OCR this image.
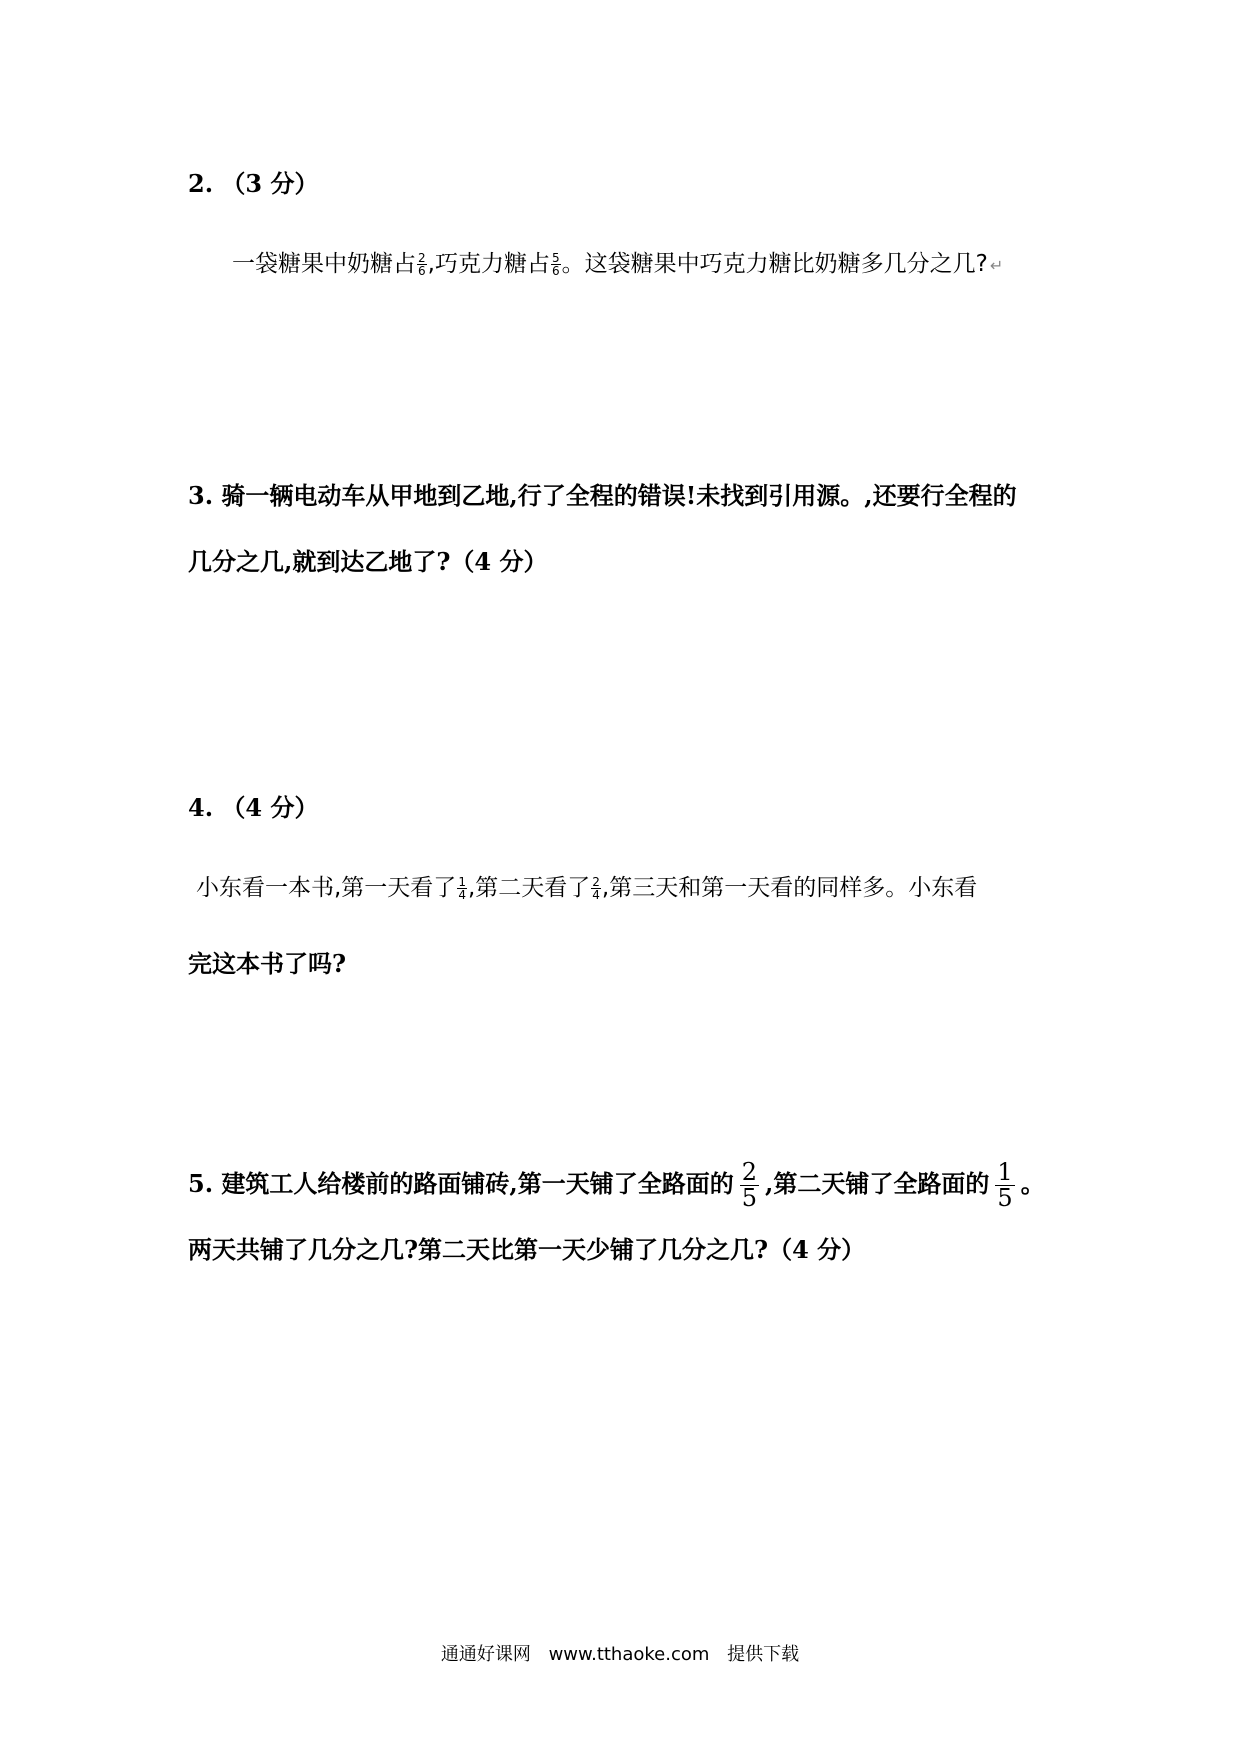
2. （3 分）
一袋糖果中奶糖占 $\frac{2}{6}$ ,巧克力糖占 $\frac{5}{6}$ 。这袋糖果中巧克力糖比奶糖多几分之几? ↵
3. 骑一辆电动车从甲地到乙地,行了全程的错误!未找到引用源。,还要行全程的
几分之几,就到达乙地了?（4 分）
4. （4 分）
小东看一本书,第一天看了 $\frac{1}{4}$ ,第二天看了 $\frac{2}{4}$ ,第三天和第一天看的同样多。小东看
完这本书了吗?
5. 建筑工人给楼前的路面铺砖,第一天铺了全路面的 $\frac{2}{5}$ ,第二天铺了全路面的 $\frac{1}{5}$ 。
两天共铺了几分之几?第二天比第一天少铺了几分之几?（4 分）
通通好课网 www.tthaoke.com 提供下载
